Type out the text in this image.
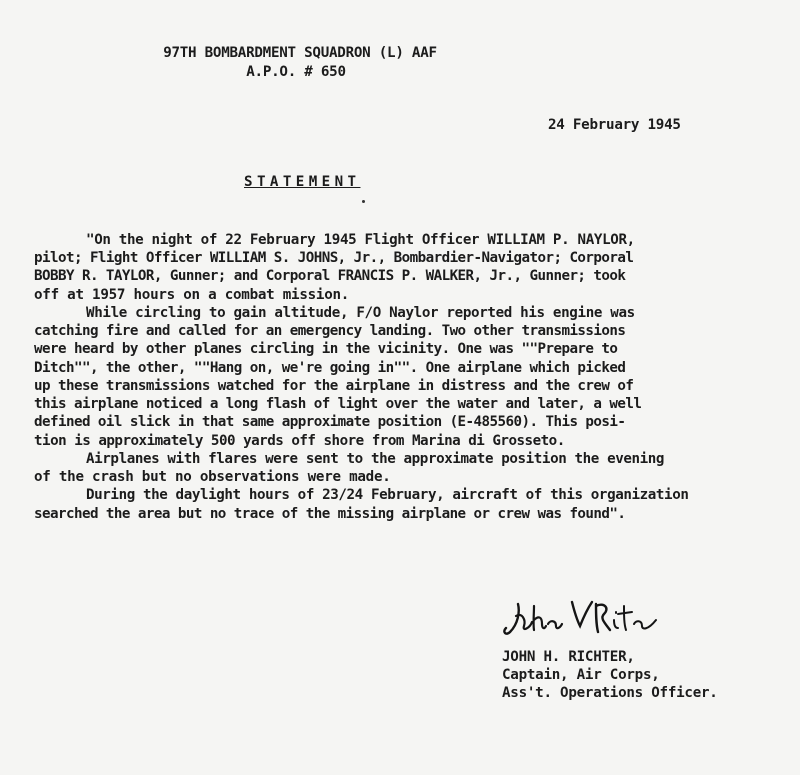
97TH BOMBARDMENT SQUADRON (L) AAF
A.P.O. # 650
24 February 1945
STATEMENT
"On the night of 22 February 1945 Flight Officer WILLIAM P. NAYLOR,
pilot; Flight Officer WILLIAM S. JOHNS, Jr., Bombardier-Navigator; Corporal
BOBBY R. TAYLOR, Gunner; and Corporal FRANCIS P. WALKER, Jr., Gunner; took
off at 1957 hours on a combat mission.
While circling to gain altitude, F/O Naylor reported his engine was
catching fire and called for an emergency landing. Two other transmissions
were heard by other planes circling in the vicinity. One was ""Prepare to
Ditch"", the other, ""Hang on, we're going in"". One airplane which picked
up these transmissions watched for the airplane in distress and the crew of
this airplane noticed a long flash of light over the water and later, a well
defined oil slick in that same approximate position (E-485560). This posi-
tion is approximately 500 yards off shore from Marina di Grosseto.
Airplanes with flares were sent to the approximate position the evening
of the crash but no observations were made.
During the daylight hours of 23/24 February, aircraft of this organization
searched the area but no trace of the missing airplane or crew was found".
JOHN H. RICHTER,
Captain, Air Corps,
Ass't. Operations Officer.
